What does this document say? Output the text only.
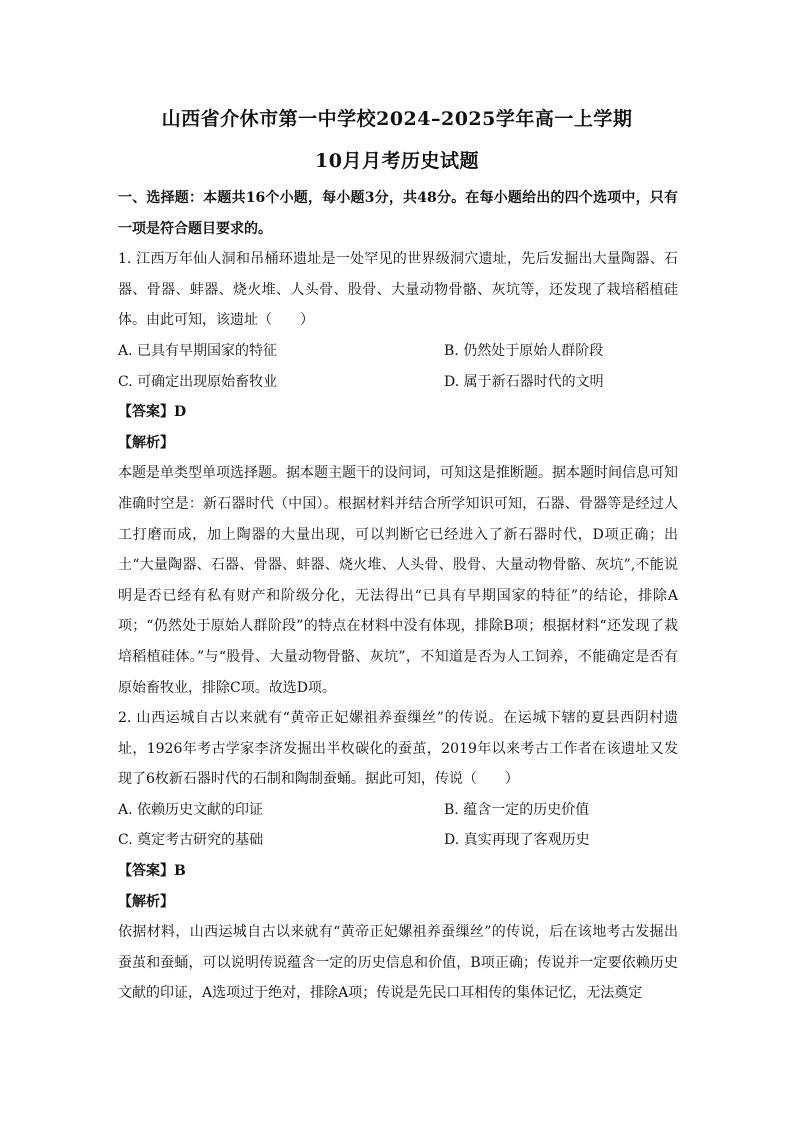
山西省介休市第一中学校2024–2025学年高一上学期
10月月考历史试题

一、选择题：本题共16个小题，每小题3分，共48分。在每小题给出的四个选项中，只有一项是符合题目要求的。

1. 江西万年仙人洞和吊桶环遗址是一处罕见的世界级洞穴遗址，先后发掘出大量陶器、石器、骨器、蚌器、烧火堆、人头骨、股骨、大量动物骨骼、灰坑等，还发现了栽培稻植硅体。由此可知，该遗址（　　）

A. 已具有早期国家的特征	B. 仍然处于原始人群阶段
C. 可确定出现原始畜牧业	D. 属于新石器时代的文明

【答案】D

【解析】

本题是单类型单项选择题。据本题主题干的设问词，可知这是推断题。据本题时间信息可知准确时空是：新石器时代（中国）。根据材料并结合所学知识可知，石器、骨器等是经过人工打磨而成，加上陶器的大量出现，可以判断它已经进入了新石器时代，D项正确；出土“大量陶器、石器、骨器、蚌器、烧火堆、人头骨、股骨、大量动物骨骼、灰坑”,不能说明是否已经有私有财产和阶级分化，无法得出“已具有早期国家的特征”的结论，排除A项；“仍然处于原始人群阶段”的特点在材料中没有体现，排除B项；根据材料“还发现了栽培稻植硅体。”与“股骨、大量动物骨骼、灰坑”，不知道是否为人工饲养，不能确定是否有原始畜牧业，排除C项。故选D项。

2. 山西运城自古以来就有“黄帝正妃嫘祖养蚕缫丝”的传说。在运城下辖的夏县西阴村遗址，1926年考古学家李济发掘出半枚碳化的蚕茧，2019年以来考古工作者在该遗址又发现了6枚新石器时代的石制和陶制蚕蛹。据此可知，传说（　　）

A. 依赖历史文献的印证	B. 蕴含一定的历史价值
C. 奠定考古研究的基础	D. 真实再现了客观历史

【答案】B

【解析】

依据材料，山西运城自古以来就有“黄帝正妃嫘祖养蚕缫丝”的传说，后在该地考古发掘出蚕茧和蚕蛹，可以说明传说蕴含一定的历史信息和价值，B项正确；传说并一定要依赖历史文献的印证，A选项过于绝对，排除A项；传说是先民口耳相传的集体记忆，无法奠定
